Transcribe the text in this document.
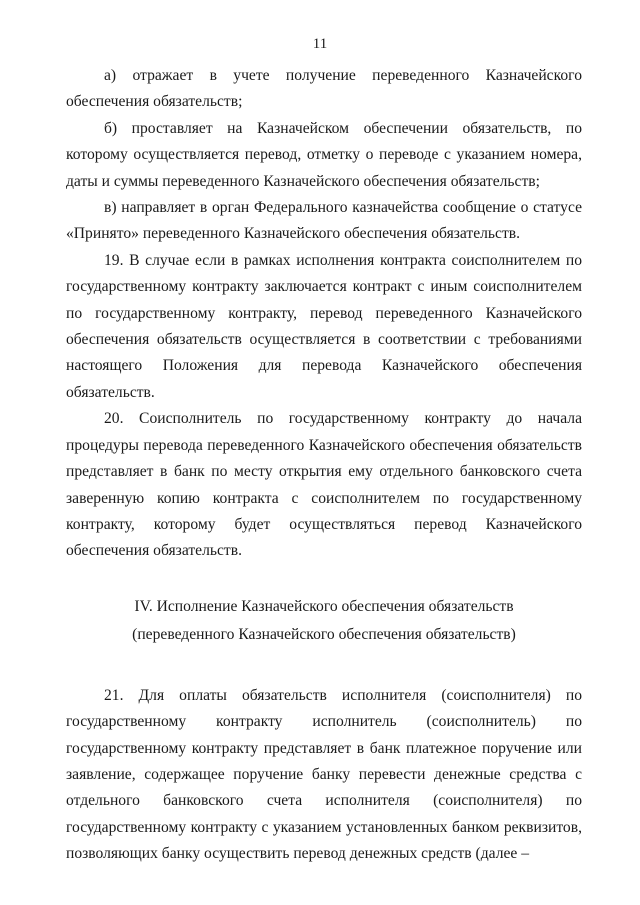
11

а) отражает в учете получение переведенного Казначейского обеспечения обязательств;

б) проставляет на Казначейском обеспечении обязательств, по которому осуществляется перевод, отметку о переводе с указанием номера, даты и суммы переведенного Казначейского обеспечения обязательств;

в) направляет в орган Федерального казначейства сообщение о статусе «Принято» переведенного Казначейского обеспечения обязательств.

19. В случае если в рамках исполнения контракта соисполнителем по государственному контракту заключается контракт с иным соисполнителем по государственному контракту, перевод переведенного Казначейского обеспечения обязательств осуществляется в соответствии с требованиями настоящего Положения для перевода Казначейского обеспечения обязательств.

20. Соисполнитель по государственному контракту до начала процедуры перевода переведенного Казначейского обеспечения обязательств представляет в банк по месту открытия ему отдельного банковского счета заверенную копию контракта с соисполнителем по государственному контракту, которому будет осуществляться перевод Казначейского обеспечения обязательств.

IV. Исполнение Казначейского обеспечения обязательств

(переведенного Казначейского обеспечения обязательств)

21. Для оплаты обязательств исполнителя (соисполнителя) по государственному контракту исполнитель (соисполнитель) по государственному контракту представляет в банк платежное поручение или заявление, содержащее поручение банку перевести денежные средства с отдельного банковского счета исполнителя (соисполнителя) по государственному контракту с указанием установленных банком реквизитов, позволяющих банку осуществить перевод денежных средств (далее –
